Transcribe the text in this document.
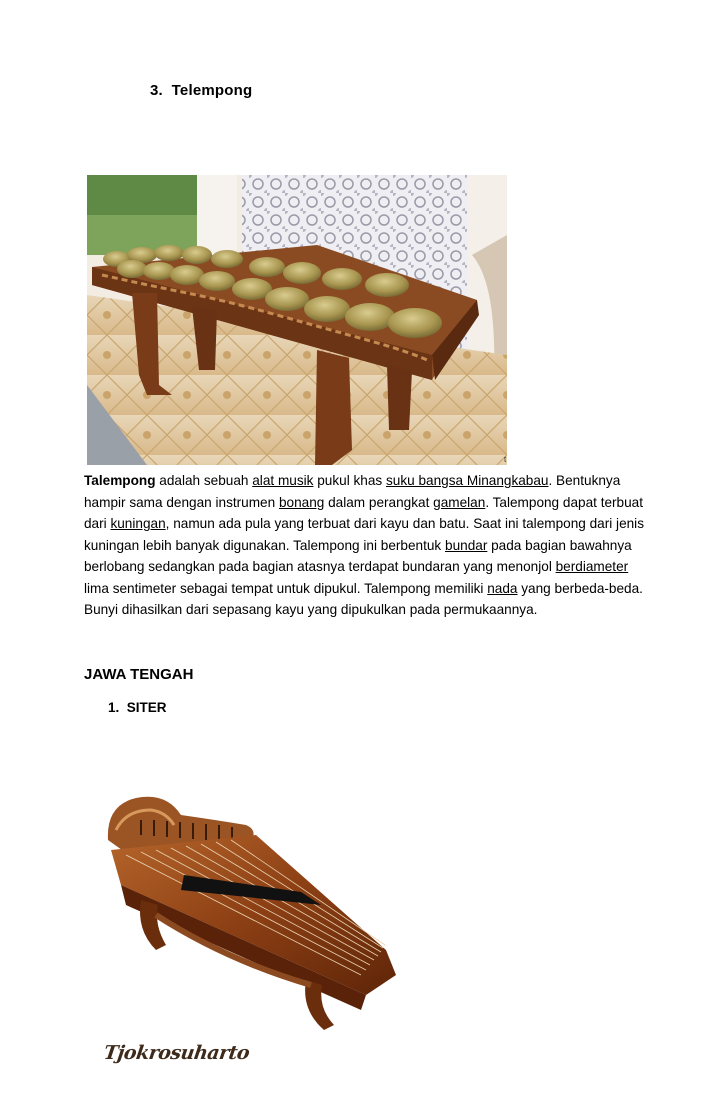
3. Telempong
t

Talempong adalah sebuah alat musik pukul khas suku bangsa Minangkabau. Bentuknya hampir sama dengan instrumen bonang dalam perangkat gamelan. Talempong dapat terbuat dari kuningan, namun ada pula yang terbuat dari kayu dan batu. Saat ini talempong dari jenis kuningan lebih banyak digunakan. Talempong ini berbentuk bundar pada bagian bawahnya berlobang sedangkan pada bagian atasnya terdapat bundaran yang menonjol berdiameter lima sentimeter sebagai tempat untuk dipukul. Talempong memiliki nada yang berbeda-beda. Bunyi dihasilkan dari sepasang kayu yang dipukulkan pada permukaannya.

JAWA TENGAH
1. SITER
Tjokrosuharto
